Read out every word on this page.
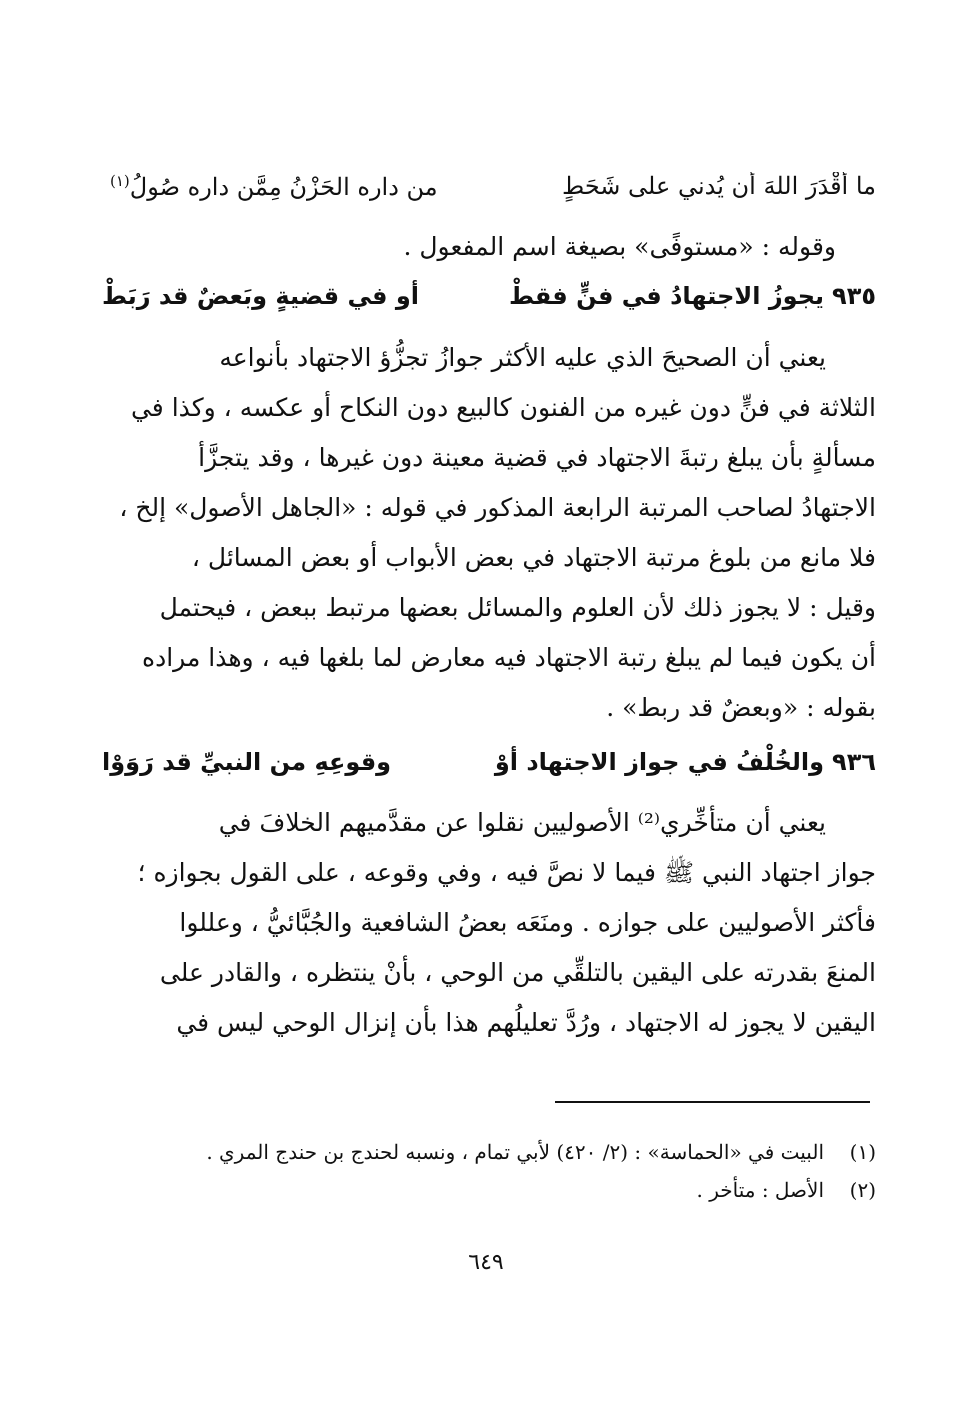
ما أَقْدَرَ اللهَ أن يُدني على شَحَطٍ
من داره الحَزْنُ مِمَّن داره صُولُ$^{(١)}$
وقوله : «مستوفًى» بصيغة اسم المفعول .
٩٣٥
يجوزُ الاجتهادُ في فنٍّ فقطْ
أو في قضيةٍ وبَعضٌ قد رَبَطْ
يعني أن الصحيحَ الذي عليه الأكثر جوازُ تجزُّؤ الاجتهاد بأنواعه
الثلاثة في فنٍّ دون غيره من الفنون كالبيع دون النكاح أو عكسه ، وكذا في
مسألةٍ بأن يبلغ رتبةَ الاجتهاد في قضية معينة دون غيرها ، وقد يتجزَّأ
الاجتهادُ لصاحب المرتبة الرابعة المذكور في قوله : «الجاهل الأصول» إلخ ،
فلا مانع من بلوغ مرتبة الاجتهاد في بعض الأبواب أو بعض المسائل ،
وقيل : لا يجوز ذلك لأن العلوم والمسائل بعضها مرتبط ببعض ، فيحتمل
أن يكون فيما لم يبلغ رتبة الاجتهاد فيه معارض لما بلغها فيه ، وهذا مراده
بقوله : «وبعضٌ قد ربط» .
٩٣٦
والخُلْفُ في جواز الاجتهاد أوْ
وقوعِهِ من النبيِّ قد رَوَوْا
يعني أن متأخِّري⁽²⁾ الأصوليين نقلوا عن مقدَّميهم الخلافَ في
جواز اجتهاد النبي ﷺ فيما لا نصَّ فيه ، وفي وقوعه ، على القول بجوازه ؛
فأكثر الأصوليين على جوازه . ومنَعَه بعضُ الشافعية والجُبَّائيُّ ، وعللوا
المنعَ بقدرته على اليقين بالتلقِّي من الوحي ، بأنْ ينتظره ، والقادر على
اليقين لا يجوز له الاجتهاد ، ورُدَّ تعليلُهم هذا بأن إنزال الوحي ليس في
(١)البيت في «الحماسة» : (٢/ ٤٢٠) لأبي تمام ، ونسبه لحندج بن حندج المري .
(٢)الأصل : متأخر .
٦٤٩
